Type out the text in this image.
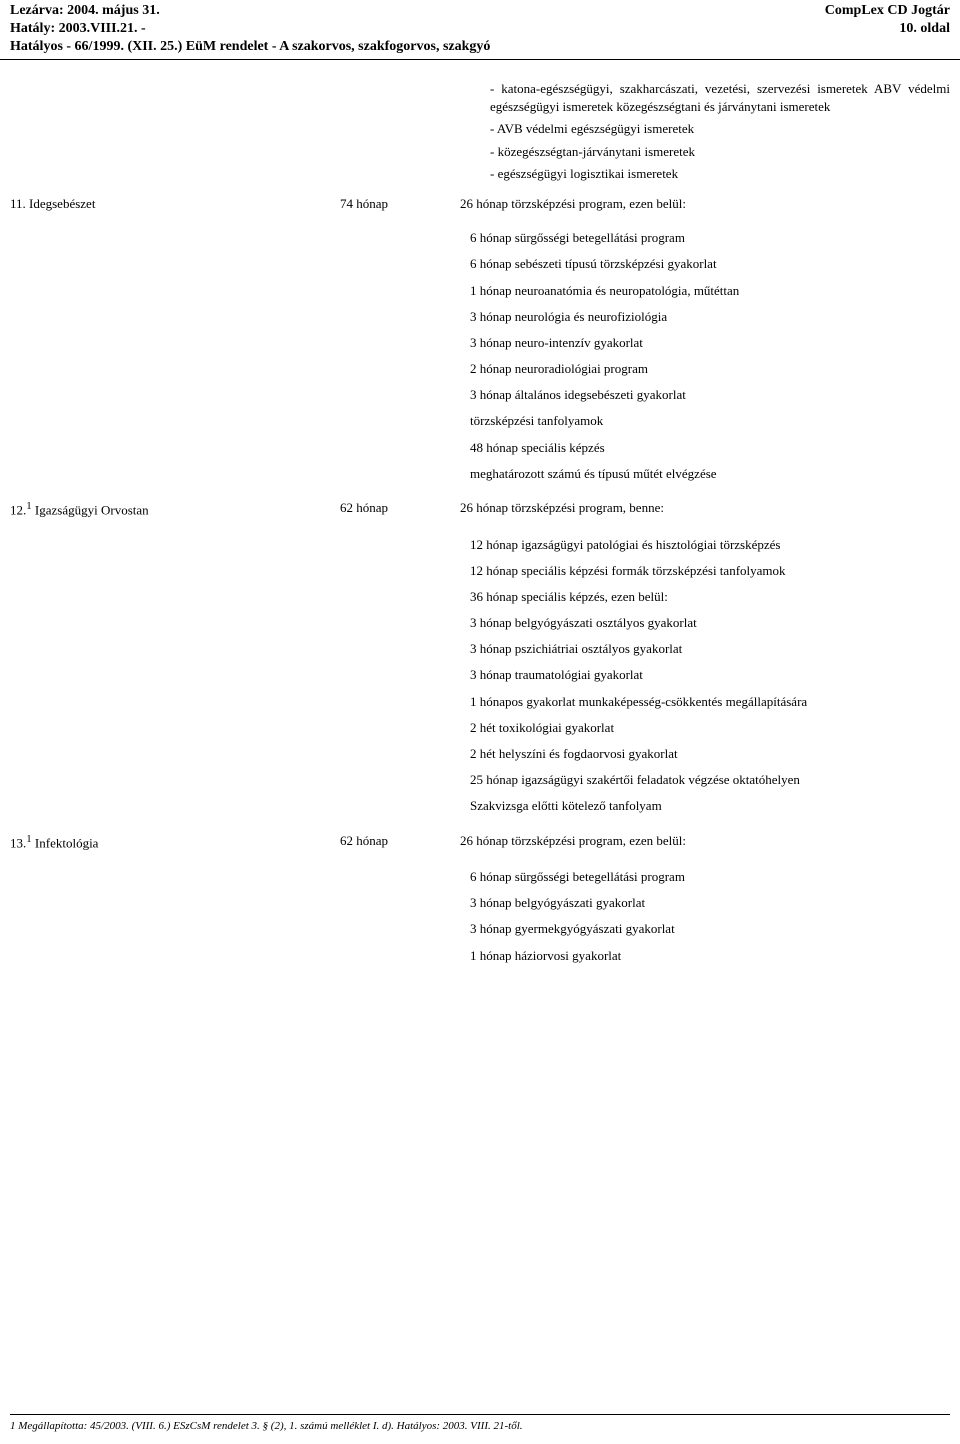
Lezárva: 2004. május 31.
Hatály: 2003.VIII.21. -
Hatályos - 66/1999. (XII. 25.) EüM rendelet - A szakorvos, szakfogorvos, szakgyó
CompLex CD Jogtár
10. oldal
- katona-egészségügyi, szakharcászati, vezetési, szervezési ismeretek ABV védelmi egészségügyi ismeretek közegészségtani és járványtani ismeretek
- AVB védelmi egészségügyi ismeretek
- közegészségtan-járványtani ismeretek
- egészségügyi logisztikai ismeretek
11. Idegsebészet	74 hónap	26 hónap törzsképzési program, ezen belül:
6 hónap sürgősségi betegellátási program
6 hónap sebészeti típusú törzsképzési gyakorlat
1 hónap neuroanatómia és neuropatológia, műtéttan
3 hónap neurológia és neurofiziológia
3 hónap neuro-intenzív gyakorlat
2 hónap neuroradiológiai program
3 hónap általános idegsebészeti gyakorlat
törzsképzési tanfolyamok
48 hónap speciális képzés
meghatározott számú és típusú műtét elvégzése
12.$^1$ Igazságügyi Orvostan	62 hónap	26 hónap törzsképzési program, benne:
12 hónap igazságügyi patológiai és hisztológiai törzsképzés
12 hónap speciális képzési formák törzsképzési tanfolyamok
36 hónap speciális képzés, ezen belül:
3 hónap belgyógyászati osztályos gyakorlat
3 hónap pszichiátriai osztályos gyakorlat
3 hónap traumatológiai gyakorlat
1 hónapos gyakorlat munkaképesség-csökkentés megállapítására
2 hét toxikológiai gyakorlat
2 hét helyszíni és fogdaorvosi gyakorlat
25 hónap igazságügyi szakértői feladatok végzése oktatóhelyen
Szakvizsga előtti kötelező tanfolyam
13.$^1$ Infektológia	62 hónap	26 hónap törzsképzési program, ezen belül:
6 hónap sürgősségi betegellátási program
3 hónap belgyógyászati gyakorlat
3 hónap gyermekgyógyászati gyakorlat
1 hónap háziorvosi gyakorlat
1 Megállapította: 45/2003. (VIII. 6.) ESzCsM rendelet 3. § (2), 1. számú melléklet I. d). Hatályos: 2003. VIII. 21-től.
